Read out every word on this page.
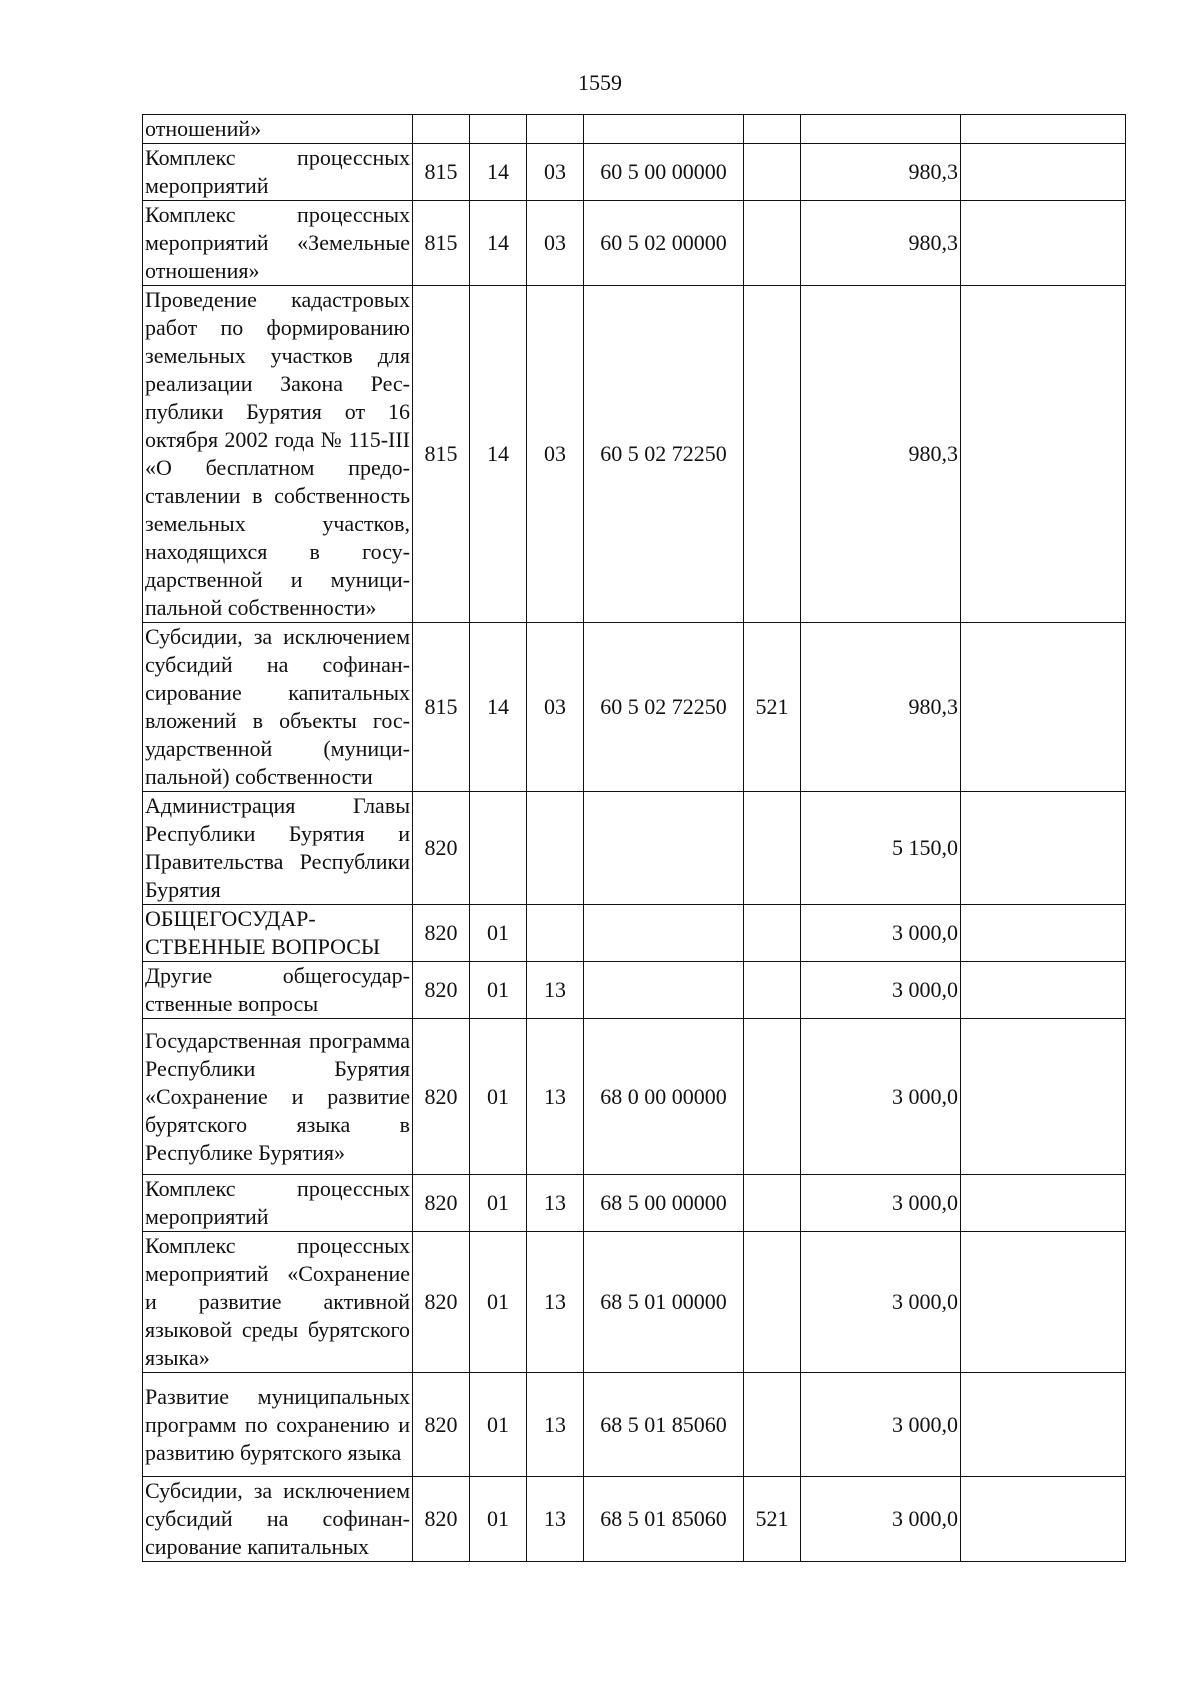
1559
отношений»							
Комплекс процессных мероприятий	815	14	03	60 5 00 00000		980,3	
Комплекс процессных мероприятий «Земельные отношения»	815	14	03	60 5 02 00000		980,3	
Проведение кадастровых работ по формированию земельных участков для реализации Закона Республики Бурятия от 16 октября 2002 года № 115-III «О бесплатном предоставлении в собственность земельных участков, находящихся в государственной и муниципальной собственности»	815	14	03	60 5 02 72250		980,3	
Субсидии, за исключением субсидий на софинансирование капитальных вложений в объекты государственной (муниципальной) собственности	815	14	03	60 5 02 72250	521	980,3	
Администрация Главы Республики Бурятия и Правительства Республики Бурятия	820					5 150,0	
ОБЩЕГОСУДАР-СТВЕННЫЕ ВОПРОСЫ	820	01				3 000,0	
Другие общегосударственные вопросы	820	01	13			3 000,0	
Государственная программа Республики Бурятия «Сохранение и развитие бурятского языка в Республике Бурятия»	820	01	13	68 0 00 00000		3 000,0	
Комплекс процессных мероприятий	820	01	13	68 5 00 00000		3 000,0	
Комплекс процессных мероприятий «Сохранение и развитие активной языковой среды бурятского языка»	820	01	13	68 5 01 00000		3 000,0	
Развитие муниципальных программ по сохранению и развитию бурятского языка	820	01	13	68 5 01 85060		3 000,0	
Субсидии, за исключением субсидий на софинансирование капитальных	820	01	13	68 5 01 85060	521	3 000,0	
